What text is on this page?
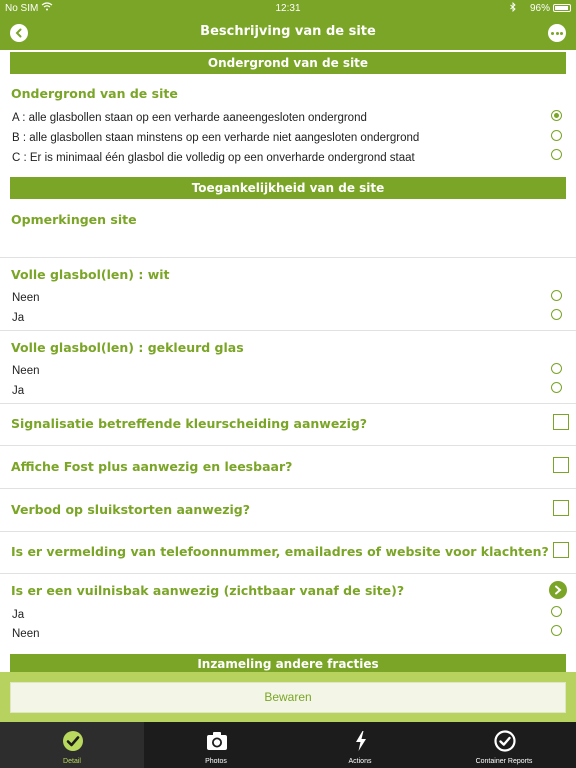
No SIM	12:31	96%
Beschrijving van de site
Ondergrond van de site
Ondergrond van de site
A : alle glasbollen staan op een verharde aaneengesloten ondergrond
B : alle glasbollen staan minstens op een verharde niet aangesloten ondergrond
C : Er is minimaal één glasbol die volledig op een onverharde ondergrond staat
Toegankelijkheid van de site
Opmerkingen site
Volle glasbol(len) : wit
Neen
Ja
Volle glasbol(len) : gekleurd glas
Neen
Ja
Signalisatie betreffende kleurscheiding aanwezig?
Affiche Fost plus aanwezig en leesbaar?
Verbod op sluikstorten aanwezig?
Is er vermelding van telefoonnummer, emailadres of website voor klachten?
Is er een vuilnisbak aanwezig (zichtbaar vanaf de site)?
Ja
Neen
Inzameling andere fracties
Bewaren
Detail	Photos	Actions	Container Reports
